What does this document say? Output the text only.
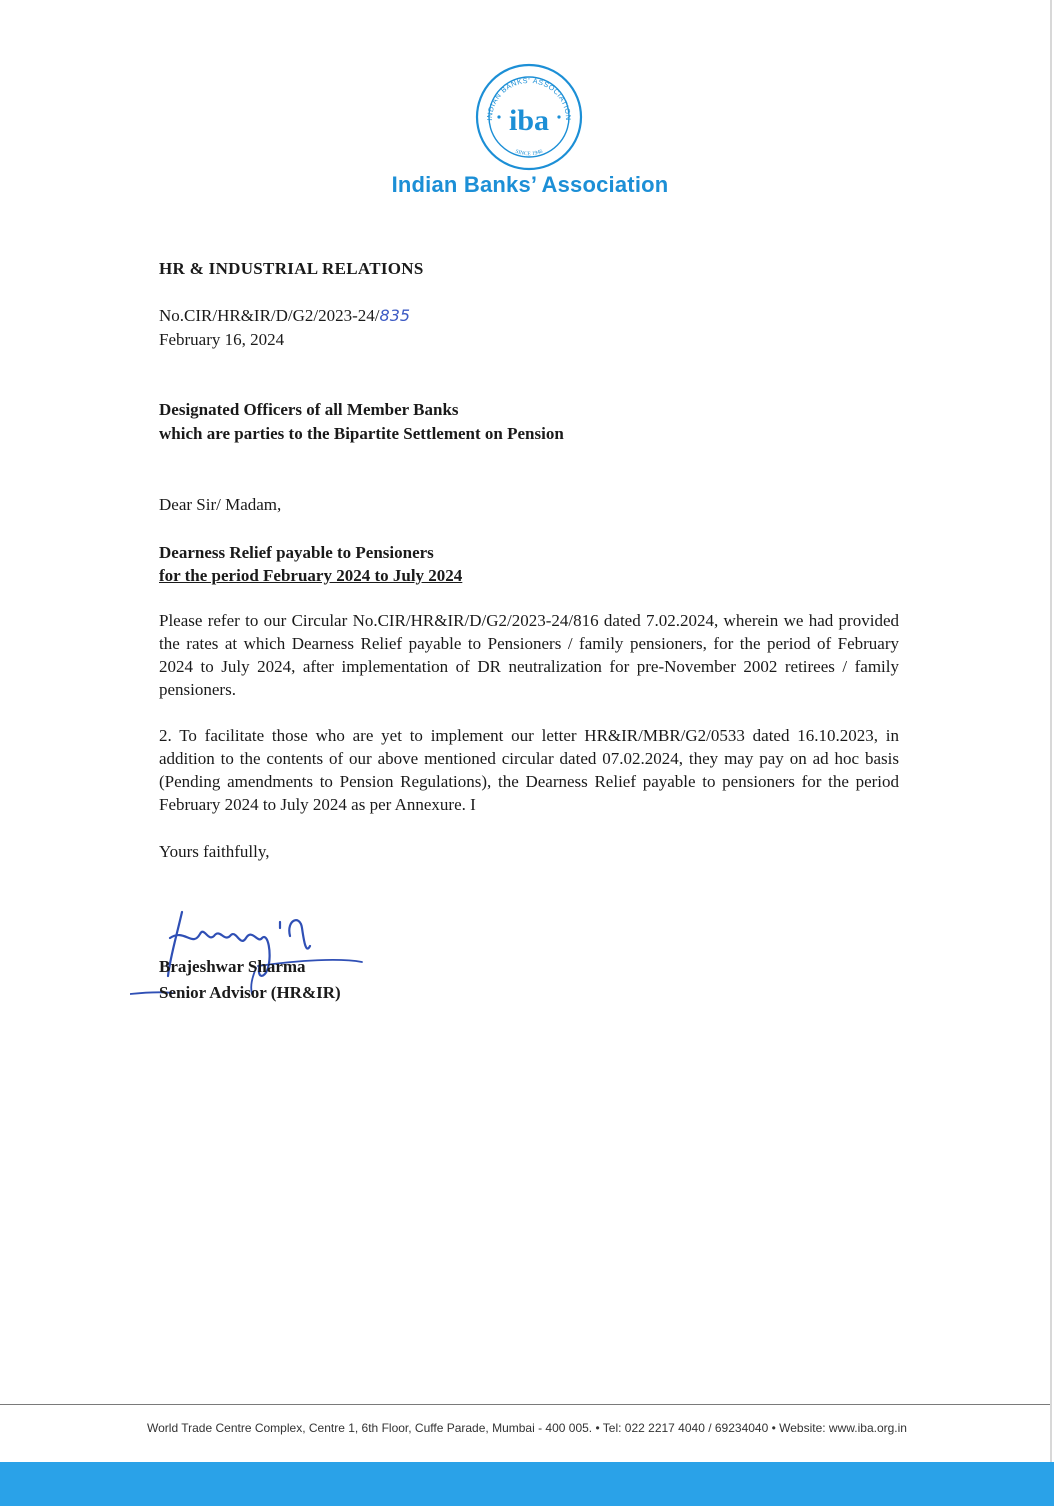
INDIAN BANKS' ASSOCIATION
SINCE 1946
iba
Indian Banks’ Association
HR & INDUSTRIAL RELATIONS
No.CIR/HR&IR/D/G2/2023-24/835
February 16, 2024
Designated Officers of all Member Banks
which are parties to the Bipartite Settlement on Pension
Dear Sir/ Madam,
Dearness Relief payable to Pensioners
for the period February 2024 to July 2024
Please refer to our Circular No.CIR/HR&IR/D/G2/2023-24/816 dated 7.02.2024, wherein we had provided the rates at which Dearness Relief payable to Pensioners / family pensioners, for the period of February 2024 to July 2024, after implementation of DR neutralization for pre-November 2002 retirees / family pensioners.
2. To facilitate those who are yet to implement our letter HR&IR/MBR/G2/0533 dated 16.10.2023, in addition to the contents of our above mentioned circular dated 07.02.2024, they may pay on ad hoc basis (Pending amendments to Pension Regulations), the Dearness Relief payable to pensioners for the period February 2024 to July 2024 as per Annexure. I
Yours faithfully,
Brajeshwar Sharma
Senior Advisor (HR&IR)
World Trade Centre Complex, Centre 1, 6th Floor, Cuffe Parade, Mumbai - 400 005. • Tel: 022 2217 4040 / 69234040 • Website: www.iba.org.in
